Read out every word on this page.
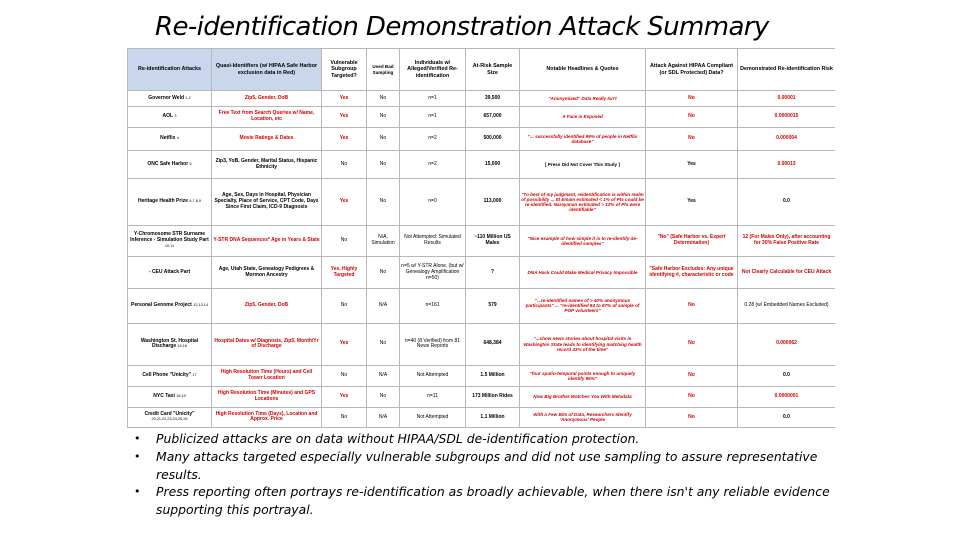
Re-identification Demonstration Attack Summary
Re-identification Attacks	Quasi-Identifiers (w/ HIPAA Safe Harbor exclusion data in Red)	Vulnerable Subgroup Targeted?	Used Bad Sampling	Individuals w/ Alleged/Verified Re-identification	At-Risk Sample Size	Notable Headlines & Quotes	Attack Against HIPAA Compliant (or SDL Protected) Data?	Demonstrated Re-identification Risk
Governor Weld 1,2	Zip5, Gender, DoB	Yes	No	n=1	39,500	"Anonymized" Data Really Isn't	No	0.00001
AOL 3	Free Text from Search Queries w/ Name, Location, etc	Yes	No	n=1	657,000	A Face is Exposed	No	0.0000015
Netflix 4	Movie Ratings & Dates	Yes	No	n=2	500,000	"... successfully identified 99% of people in Netflix database"	No	0.000004
ONC Safe Harbor 5	Zip3, YoB, Gender, Marital Status, Hispanic Ethnicity	No	No	n=2	15,000	[ Press Did Not Cover This Study ]	Yes	0.00013
Heritage Health Prize 6,7,8,9	Age, Sex, Days in Hospital, Physician Specialty, Place of Service, CPT Code, Days Since First Claim, ICD-9 Diagnosis	Yes	No	n=0	113,000	"To best of my judgment, reidentification is within realm of possibility ... El Emam estimated < 1% of Pts could be re-identified. Narayanan estimated > 12% of Pts were identifiable"	Yes	0.0
Y-Chromosome STR Surname Inference - Simulation Study Part 10,11	Y-STR DNA Sequences* Age in Years & State	No	N/A, Simulation	Not Attempted: Simulated Results	~110 Million US Males	"Nice example of how simple it is to re-identify de-identified samples"	"No" (Safe Harbor vs. Expert Determination)	12 (For Males Only), after accounting for 30% False Positive Rate
- CEU Attack Part	Age, Utah State, Genealogy Pedigrees & Mormon Ancestry	Yes, Highly Targeted	No	n=5 w/ Y-STR Alone, (but w/ Genealogy Amplification n=50)	?	DNA Hack Could Make Medical Privacy Impossible	"Safe Harbor Excludes: Any unique identifying #, characteristic or code	Not Clearly Calculable for CEU Attack
Personal Genome Project 12,13,14	Zip5, Gender, DoB	No	N/A	n=161	579	"...re-identified names of > 40% anonymous participants" ... "re-identified 84 to 97% of sample of PGP volunteers"	No	0.28 (w/ Embedded Names Excluded)
Washington St. Hospital Discharge 15,16	Hospital Dates w/ Diagnosis, Zip5, Month/Yr of Discharge	Yes	No	n=40 (8 Verified) from 81 News Reports	648,384	"...show news stories about hospital visits in Washington State leads to identifying matching health record 43% of the time"	No	0.000062
Cell Phone "Unicity" 17	High Resolution Time (Hours) and Cell Tower Location	No	N/A	Not Attempted	1.5 Million	"four spatio-temporal points enough to uniquely identify 95%"	No	0.0
NYC Taxi 18,19	High Resolution Time (Minutes) and GPS Locations	Yes	No	n=11	173 Million Rides	Now Big Brother Watches You With Metadata	No	0.0000001
Credit Card "Unicity" 20,21,22,23,24,25,26	High Resolution Time (Days), Location and Approx. Price	No	N/A	Not Attempted	1.1 Million	With a Few Bits of Data, Researchers Identify 'Anonymous' People	No	0.0
• Publicized attacks are on data without HIPAA/SDL de-identification protection.
• Many attacks targeted especially vulnerable subgroups and did not use sampling to assure representative results.
• Press reporting often portrays re-identification as broadly achievable, when there isn't any reliable evidence supporting this portrayal.
